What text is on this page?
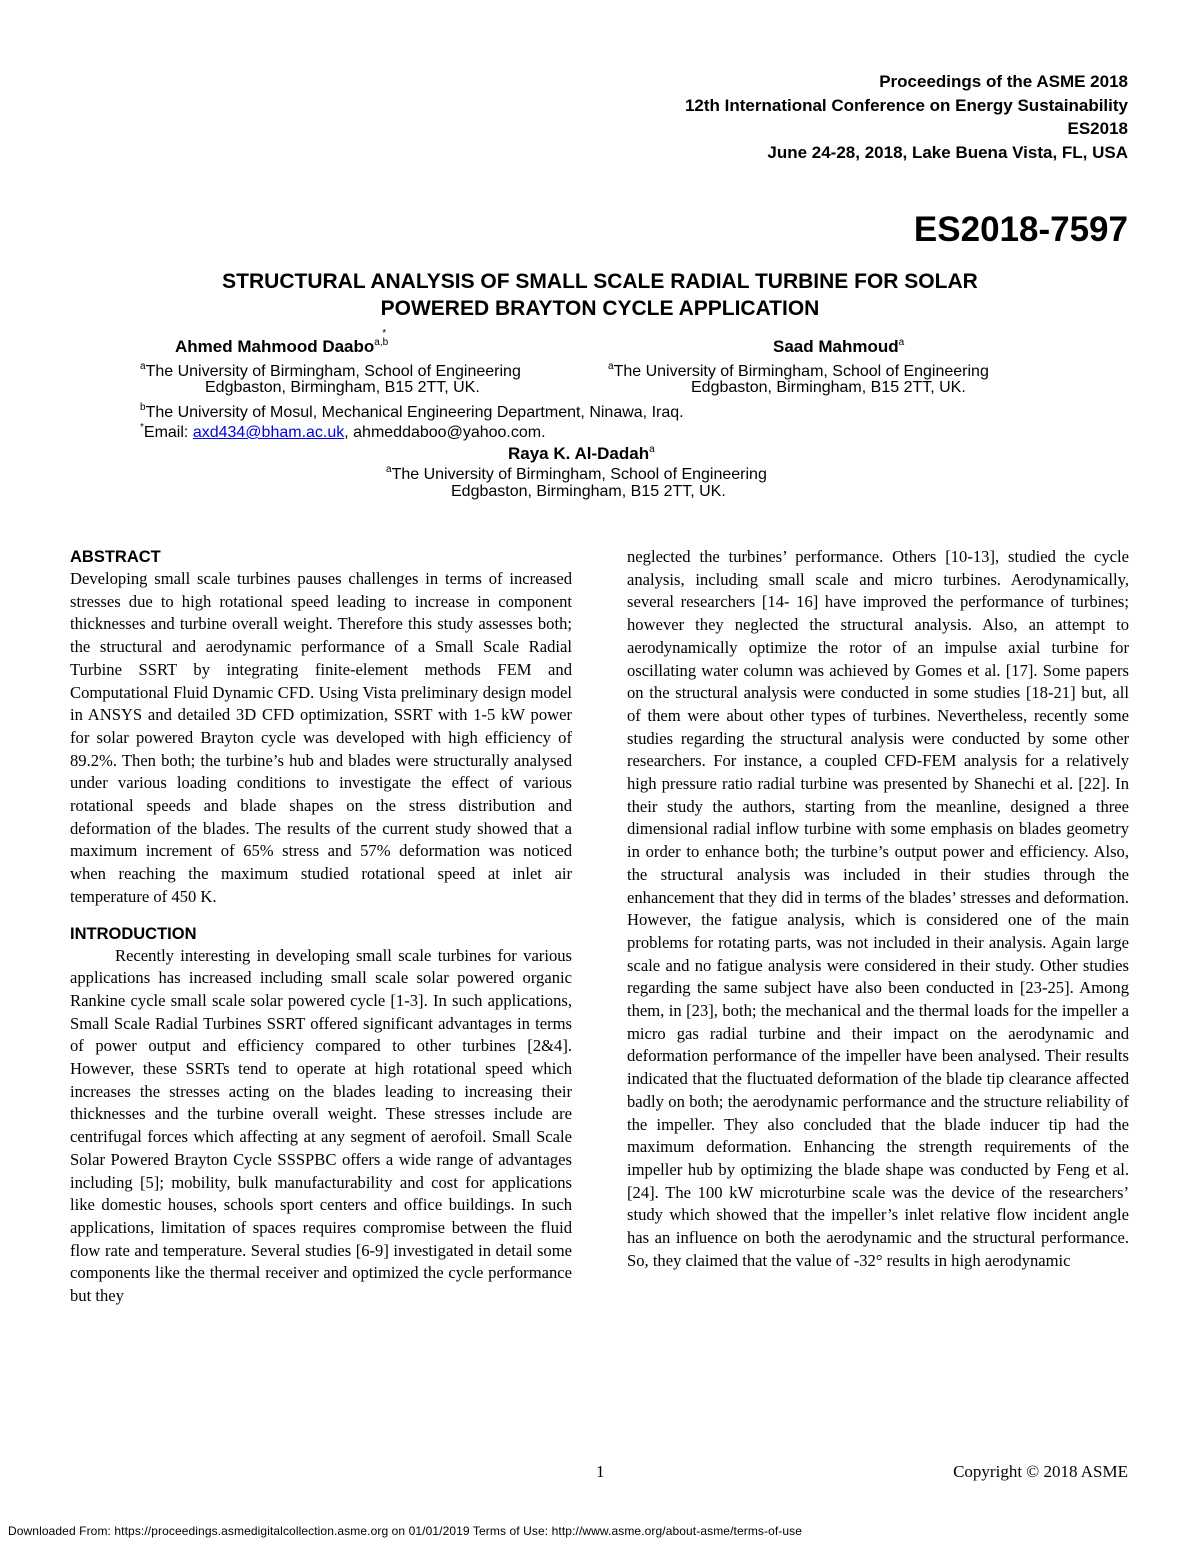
Proceedings of the ASME 2018
12th International Conference on Energy Sustainability
ES2018
June 24-28, 2018, Lake Buena Vista, FL, USA
ES2018-7597
STRUCTURAL ANALYSIS OF SMALL SCALE RADIAL TURBINE FOR SOLAR
POWERED BRAYTON CYCLE APPLICATION
Ahmed Mahmood Daabo$^{a,b*}$
$^a$The University of Birmingham, School of Engineering
Edgbaston, Birmingham, B15 2TT, UK.
$^b$The University of Mosul, Mechanical Engineering Department, Ninawa, Iraq.
*Email: axd434@bham.ac.uk, ahmeddaboo@yahoo.com.
Saad Mahmoud$^a$
$^a$The University of Birmingham, School of Engineering
Edgbaston, Birmingham, B15 2TT, UK.
Raya K. Al-Dadah$^a$
$^a$The University of Birmingham, School of Engineering
Edgbaston, Birmingham, B15 2TT, UK.
ABSTRACT

Developing small scale turbines pauses challenges in terms of increased stresses due to high rotational speed leading to increase in component thicknesses and turbine overall weight. Therefore this study assesses both; the structural and aerodynamic performance of a Small Scale Radial Turbine SSRT by integrating finite-element methods FEM and Computational Fluid Dynamic CFD. Using Vista preliminary design model in ANSYS and detailed 3D CFD optimization, SSRT with 1-5 kW power for solar powered Brayton cycle was developed with high efficiency of 89.2%. Then both; the turbine’s hub and blades were structurally analysed under various loading conditions to investigate the effect of various rotational speeds and blade shapes on the stress distribution and deformation of the blades. The results of the current study showed that a maximum increment of 65% stress and 57% deformation was noticed when reaching the maximum studied rotational speed at inlet air temperature of 450 K.

INTRODUCTION

Recently interesting in developing small scale turbines for various applications has increased including small scale solar powered organic Rankine cycle small scale solar powered cycle [1-3]. In such applications, Small Scale Radial Turbines SSRT offered significant advantages in terms of power output and efficiency compared to other turbines [2&4]. However, these SSRTs tend to operate at high rotational speed which increases the stresses acting on the blades leading to increasing their thicknesses and the turbine overall weight. These stresses include are centrifugal forces which affecting at any segment of aerofoil. Small Scale Solar Powered Brayton Cycle SSSPBC offers a wide range of advantages including [5]; mobility, bulk manufacturability and cost for applications like domestic houses, schools sport centers and office buildings. In such applications, limitation of spaces requires compromise between the fluid flow rate and temperature. Several studies [6-9] investigated in detail some components like the thermal receiver and optimized the cycle performance but they

neglected the turbines’ performance. Others [10-13], studied the cycle analysis, including small scale and micro turbines. Aerodynamically, several researchers [14- 16] have improved the performance of turbines; however they neglected the structural analysis. Also, an attempt to aerodynamically optimize the rotor of an impulse axial turbine for oscillating water column was achieved by Gomes et al. [17]. Some papers on the structural analysis were conducted in some studies [18-21] but, all of them were about other types of turbines. Nevertheless, recently some studies regarding the structural analysis were conducted by some other researchers. For instance, a coupled CFD-FEM analysis for a relatively high pressure ratio radial turbine was presented by Shanechi et al. [22]. In their study the authors, starting from the meanline, designed a three dimensional radial inflow turbine with some emphasis on blades geometry in order to enhance both; the turbine’s output power and efficiency. Also, the structural analysis was included in their studies through the enhancement that they did in terms of the blades’ stresses and deformation. However, the fatigue analysis, which is considered one of the main problems for rotating parts, was not included in their analysis. Again large scale and no fatigue analysis were considered in their study. Other studies regarding the same subject have also been conducted in [23-25]. Among them, in [23], both; the mechanical and the thermal loads for the impeller a micro gas radial turbine and their impact on the aerodynamic and deformation performance of the impeller have been analysed. Their results indicated that the fluctuated deformation of the blade tip clearance affected badly on both; the aerodynamic performance and the structure reliability of the impeller. They also concluded that the blade inducer tip had the maximum deformation. Enhancing the strength requirements of the impeller hub by optimizing the blade shape was conducted by Feng et al. [24]. The 100 kW microturbine scale was the device of the researchers’ study which showed that the impeller’s inlet relative flow incident angle has an influence on both the aerodynamic and the structural performance. So, they claimed that the value of -32° results in high aerodynamic

1	Copyright © 2018 ASME
Downloaded From: https://proceedings.asmedigitalcollection.asme.org on 01/01/2019 Terms of Use: http://www.asme.org/about-asme/terms-of-use
